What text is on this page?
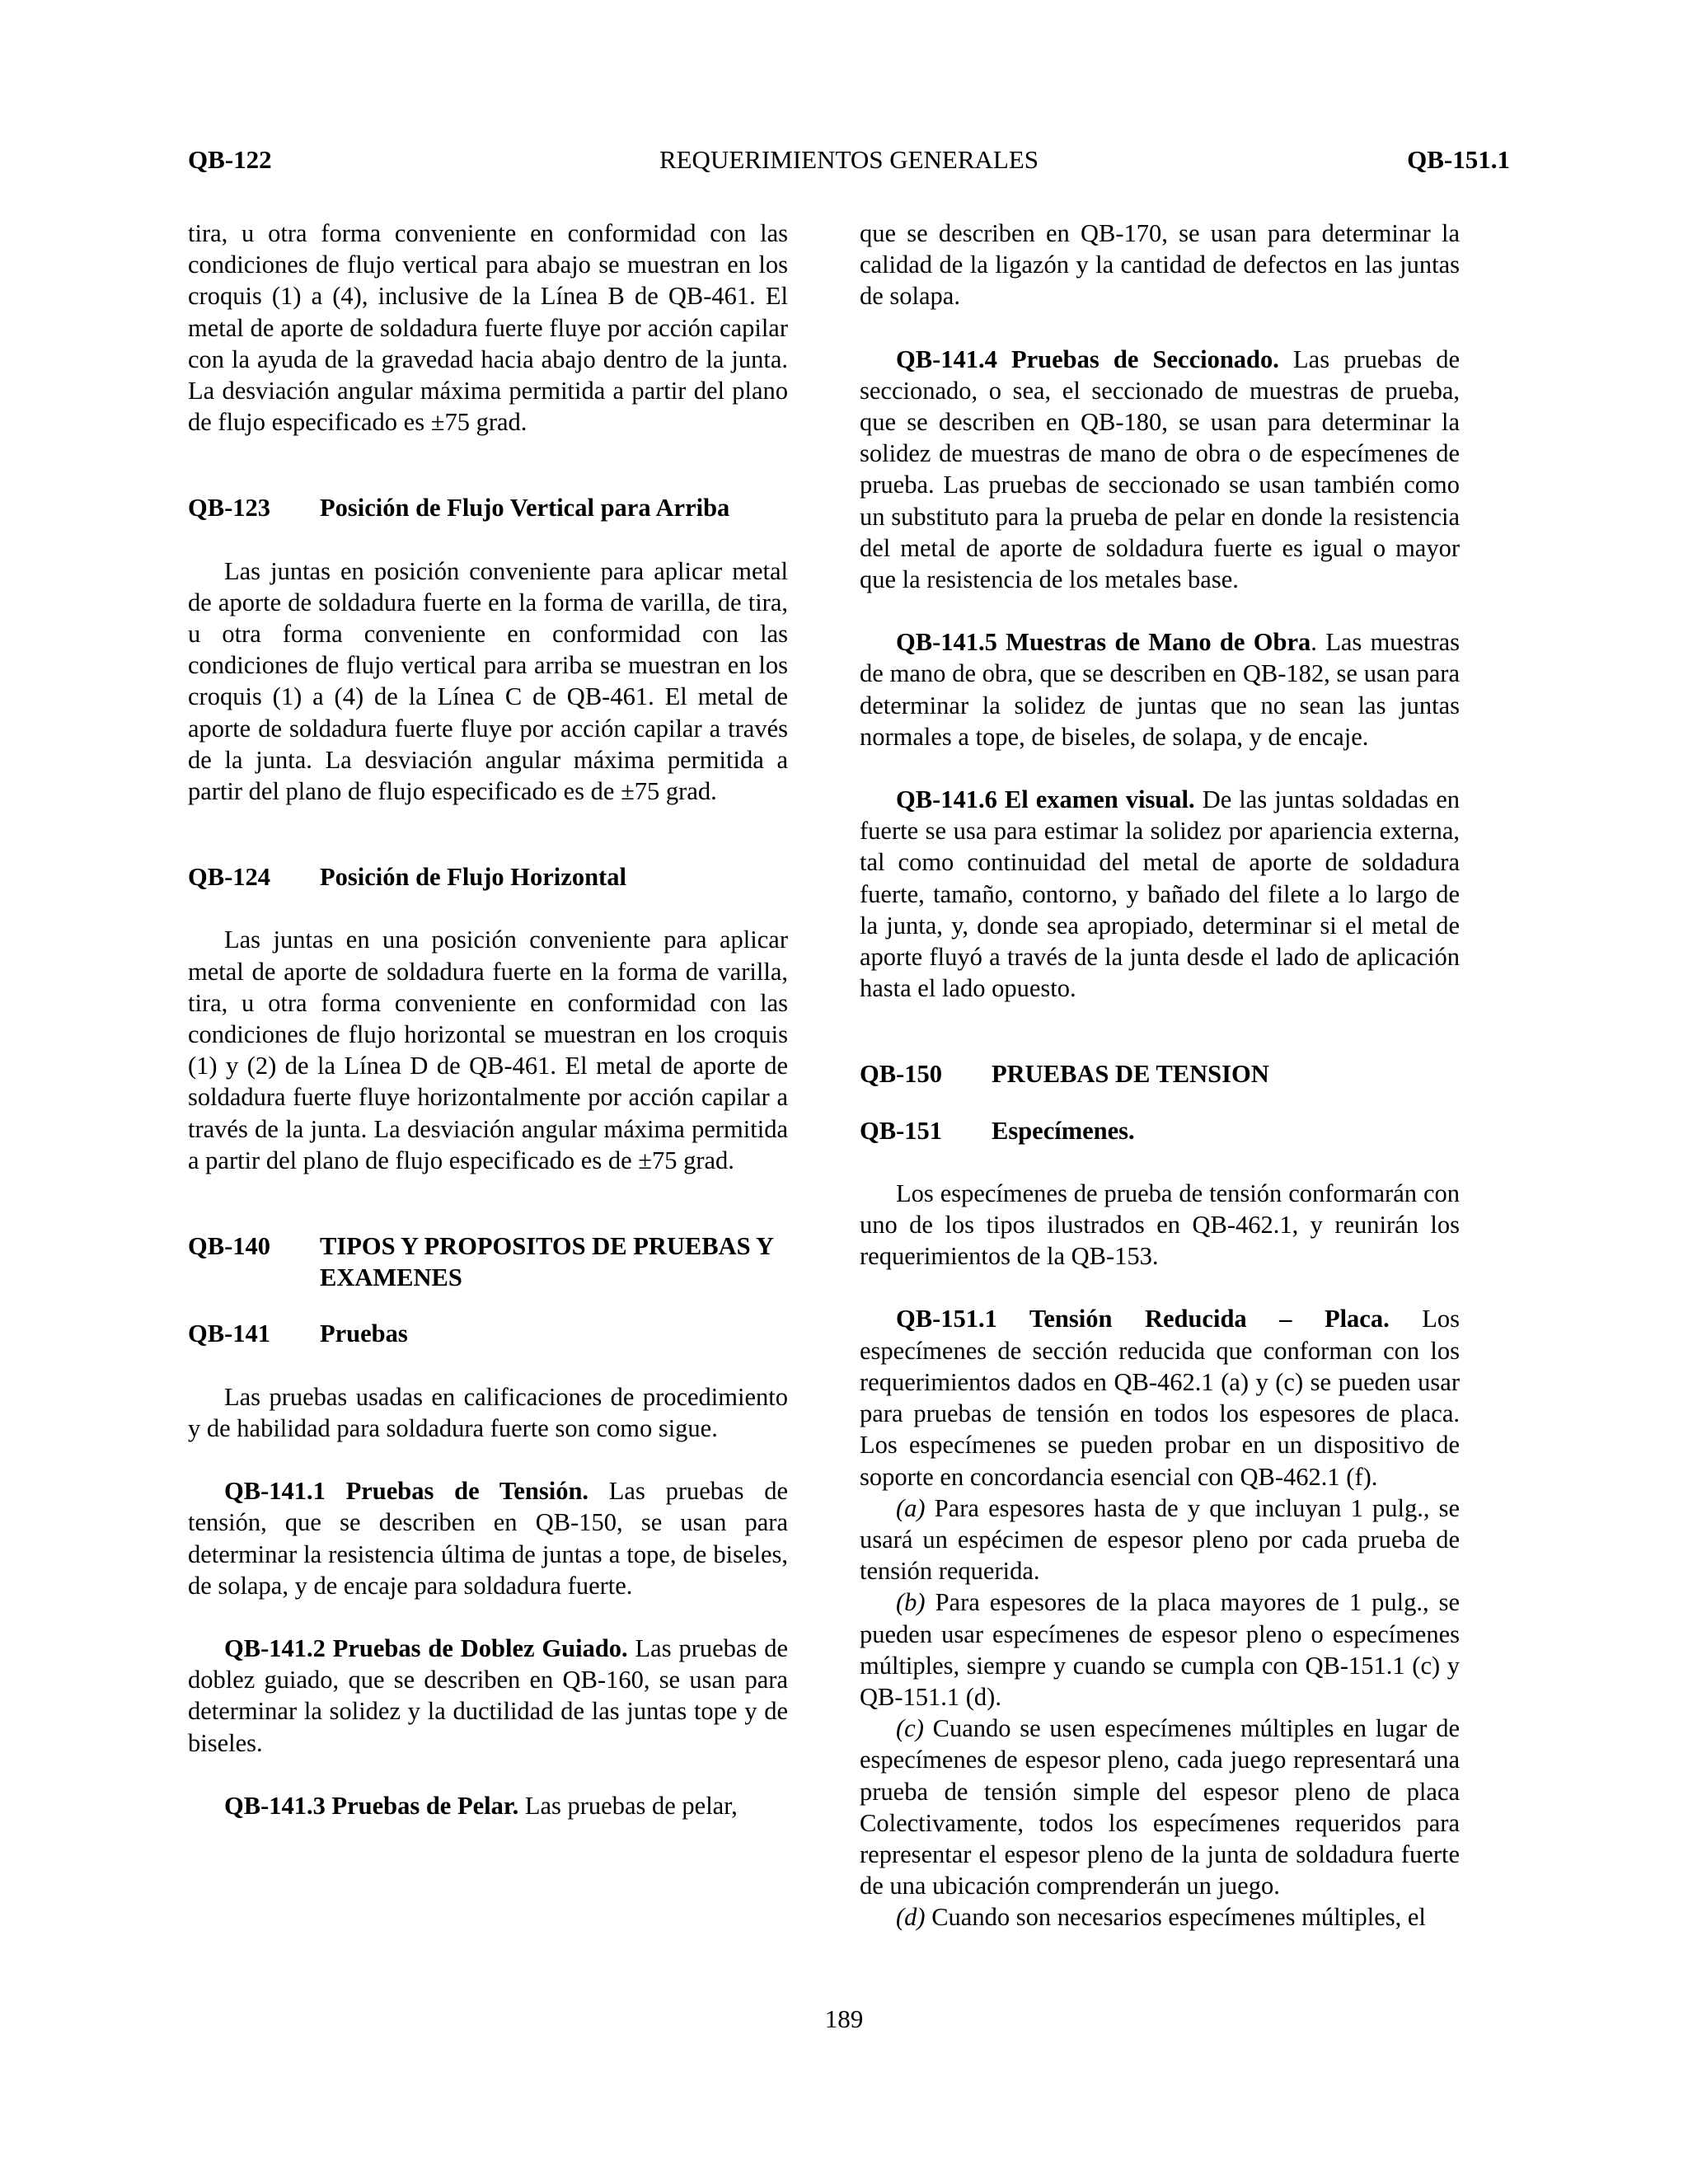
QB-122	REQUERIMIENTOS GENERALES	QB-151.1

tira, u otra forma conveniente en conformidad con las condiciones de flujo vertical para abajo se muestran en los croquis (1) a (4), inclusive de la Línea B de QB-461. El metal de aporte de soldadura fuerte fluye por acción capilar con la ayuda de la gravedad hacia abajo dentro de la junta. La desviación angular máxima permitida a partir del plano de flujo especificado es ±75 grad.

QB-123	Posición de Flujo Vertical para Arriba

Las juntas en posición conveniente para aplicar metal de aporte de soldadura fuerte en la forma de varilla, de tira, u otra forma conveniente en conformidad con las condiciones de flujo vertical para arriba se muestran en los croquis (1) a (4) de la Línea C de QB-461. El metal de aporte de soldadura fuerte fluye por acción capilar a través de la junta. La desviación angular máxima permitida a partir del plano de flujo especificado es de ±75 grad.

QB-124	Posición de Flujo Horizontal

Las juntas en una posición conveniente para aplicar metal de aporte de soldadura fuerte en la forma de varilla, tira, u otra forma conveniente en conformidad con las condiciones de flujo horizontal se muestran en los croquis (1) y (2) de la Línea D de QB-461. El metal de aporte de soldadura fuerte fluye horizontalmente por acción capilar a través de la junta. La desviación angular máxima permitida a partir del plano de flujo especificado es de ±75 grad.

QB-140	TIPOS Y PROPOSITOS DE PRUEBAS Y EXAMENES
QB-141	Pruebas

Las pruebas usadas en calificaciones de procedimiento y de habilidad para soldadura fuerte son como sigue.

QB-141.1 Pruebas de Tensión. Las pruebas de tensión, que se describen en QB-150, se usan para determinar la resistencia última de juntas a tope, de biseles, de solapa, y de encaje para soldadura fuerte.

QB-141.2 Pruebas de Doblez Guiado. Las pruebas de doblez guiado, que se describen en QB-160, se usan para determinar la solidez y la ductilidad de las juntas tope y de biseles.

QB-141.3 Pruebas de Pelar. Las pruebas de pelar,

que se describen en QB-170, se usan para determinar la calidad de la ligazón y la cantidad de defectos en las juntas de solapa.

QB-141.4 Pruebas de Seccionado. Las pruebas de seccionado, o sea, el seccionado de muestras de prueba, que se describen en QB-180, se usan para determinar la solidez de muestras de mano de obra o de especímenes de prueba. Las pruebas de seccionado se usan también como un substituto para la prueba de pelar en donde la resistencia del metal de aporte de soldadura fuerte es igual o mayor que la resistencia de los metales base.

QB-141.5 Muestras de Mano de Obra. Las muestras de mano de obra, que se describen en QB-182, se usan para determinar la solidez de juntas que no sean las juntas normales a tope, de biseles, de solapa, y de encaje.

QB-141.6 El examen visual. De las juntas soldadas en fuerte se usa para estimar la solidez por apariencia externa, tal como continuidad del metal de aporte de soldadura fuerte, tamaño, contorno, y bañado del filete a lo largo de la junta, y, donde sea apropiado, determinar si el metal de aporte fluyó a través de la junta desde el lado de aplicación hasta el lado opuesto.

QB-150	PRUEBAS DE TENSION
QB-151	Especímenes.

Los especímenes de prueba de tensión conformarán con uno de los tipos ilustrados en QB-462.1, y reunirán los requerimientos de la QB-153.

QB-151.1 Tensión Reducida – Placa. Los especímenes de sección reducida que conforman con los requerimientos dados en QB-462.1 (a) y (c) se pueden usar para pruebas de tensión en todos los espesores de placa. Los especímenes se pueden probar en un dispositivo de soporte en concordancia esencial con QB-462.1 (f).

(a) Para espesores hasta de y que incluyan 1 pulg., se usará un espécimen de espesor pleno por cada prueba de tensión requerida.

(b) Para espesores de la placa mayores de 1 pulg., se pueden usar especímenes de espesor pleno o especímenes múltiples, siempre y cuando se cumpla con QB-151.1 (c) y QB-151.1 (d).

(c) Cuando se usen especímenes múltiples en lugar de especímenes de espesor pleno, cada juego representará una prueba de tensión simple del espesor pleno de placa Colectivamente, todos los especímenes requeridos para representar el espesor pleno de la junta de soldadura fuerte de una ubicación comprenderán un juego.

(d) Cuando son necesarios especímenes múltiples, el

189
